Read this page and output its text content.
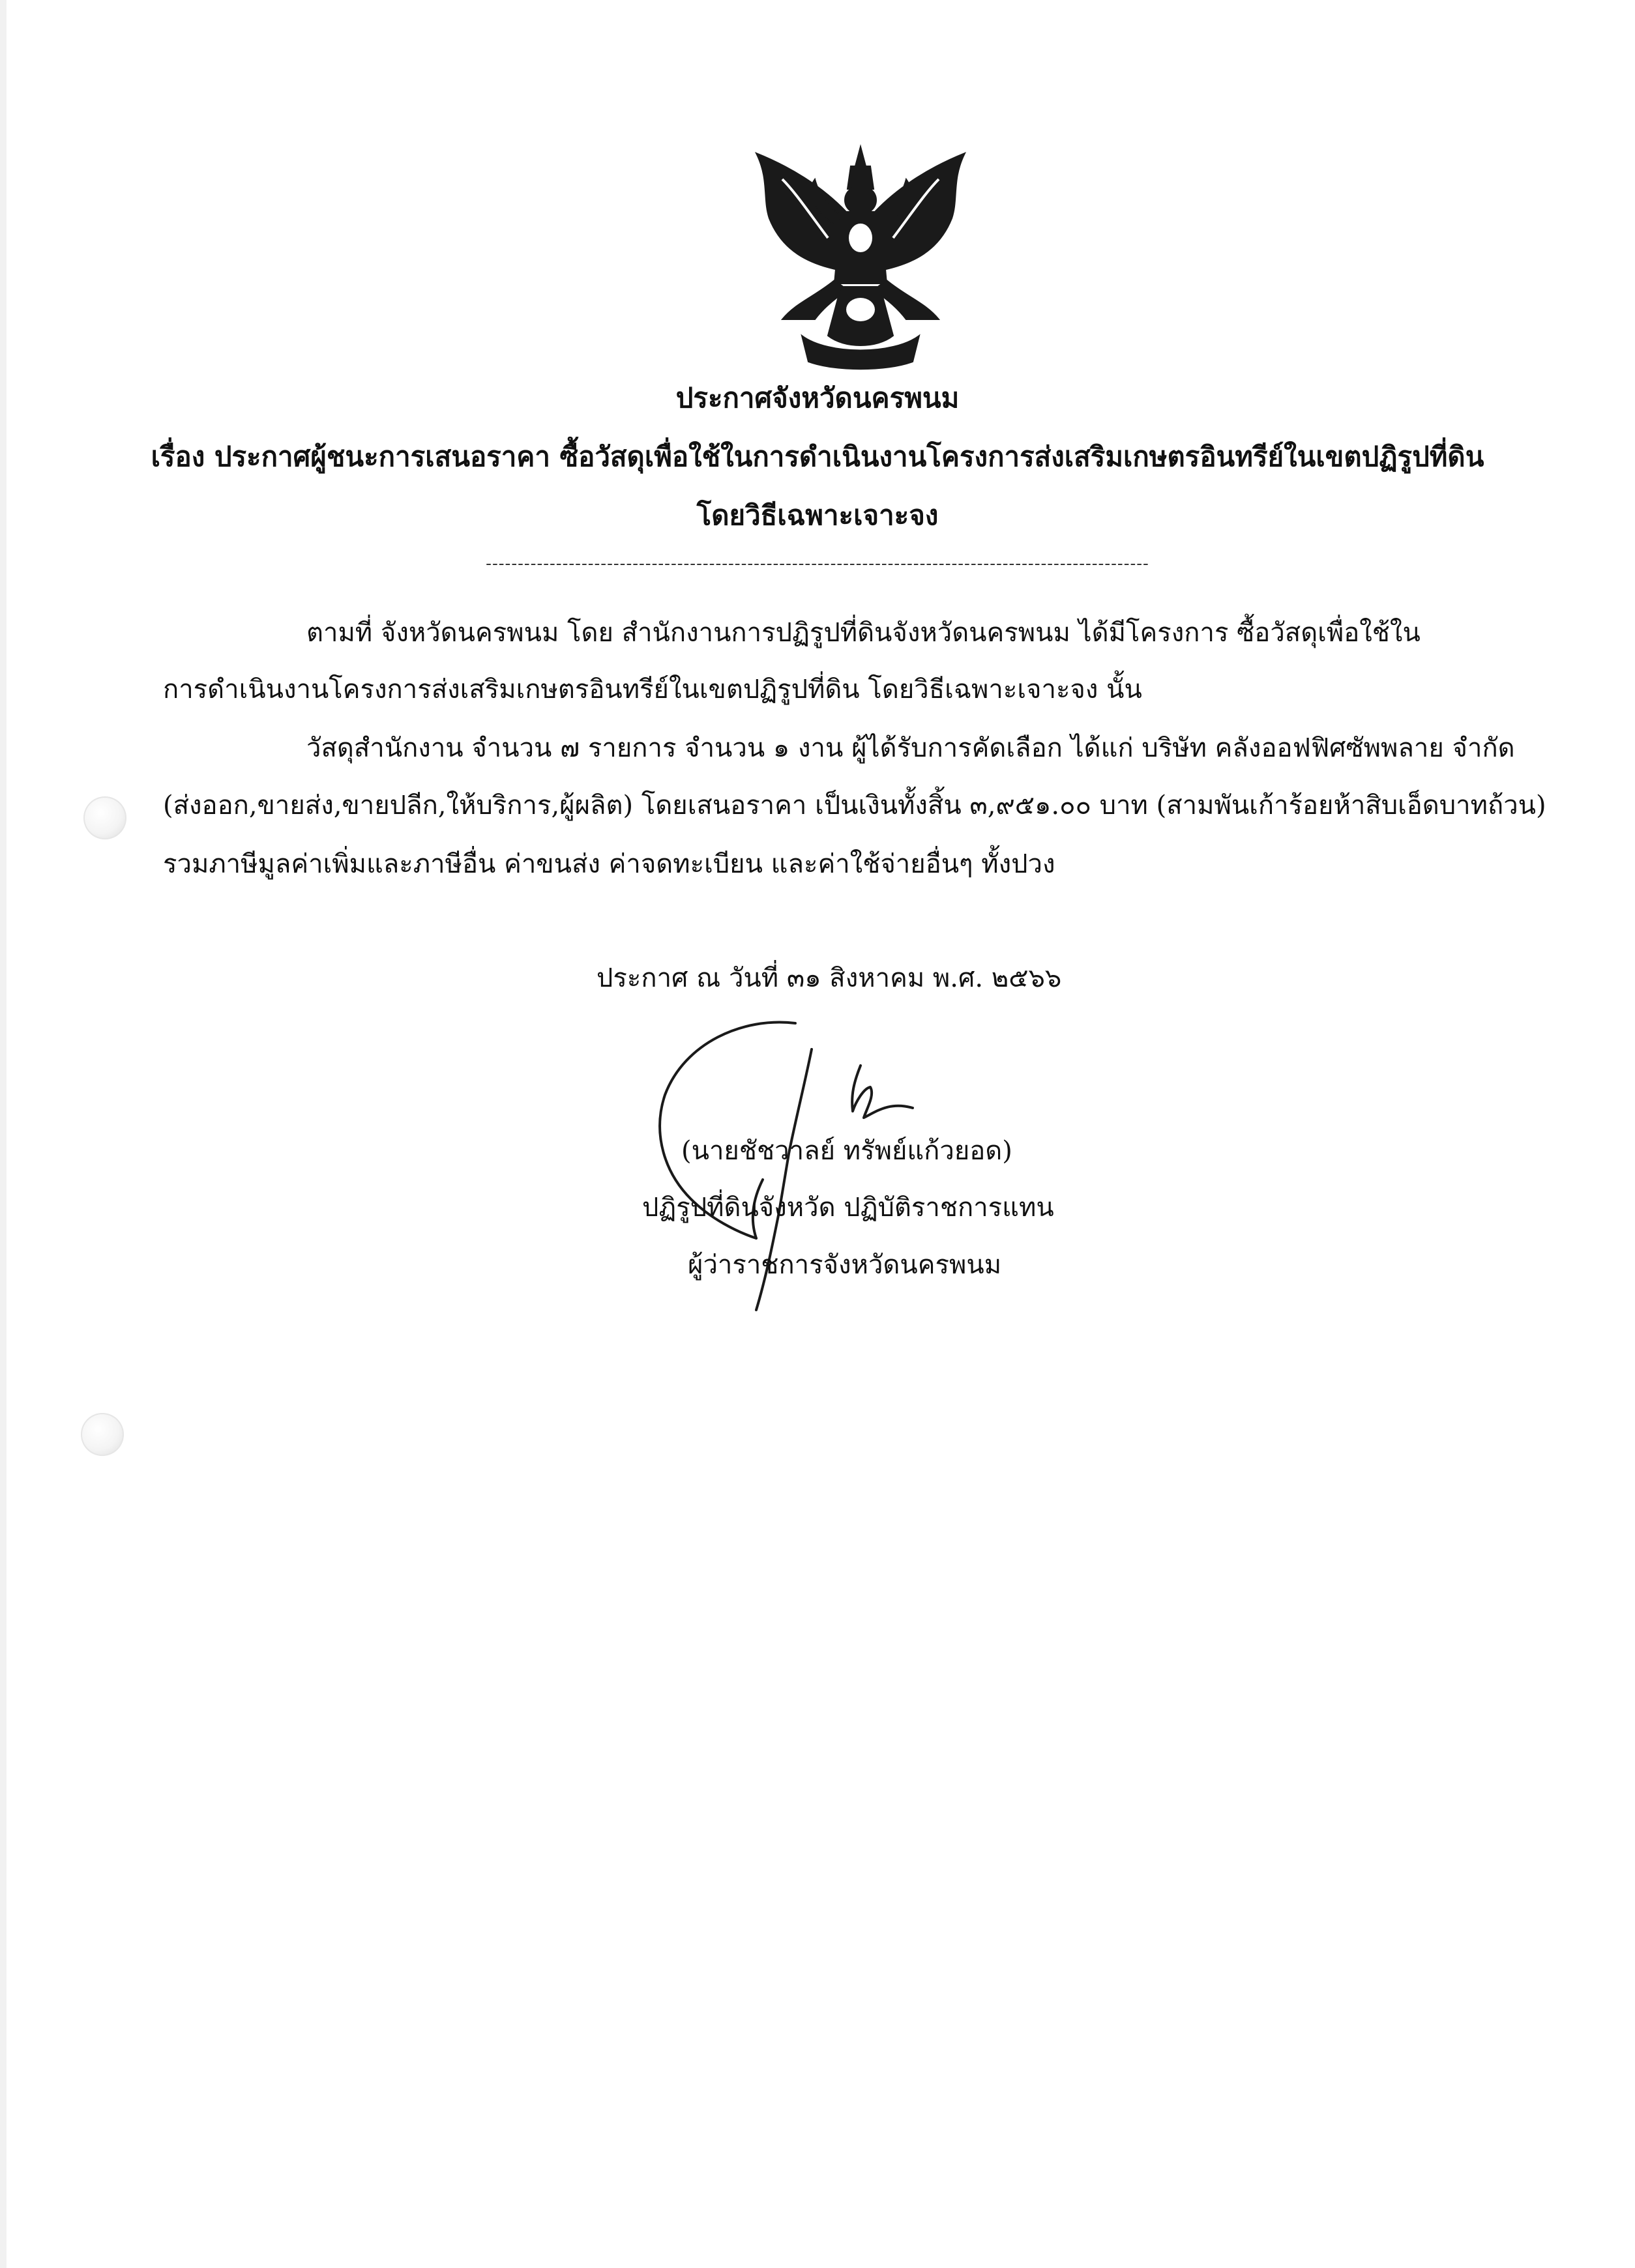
ประกาศจังหวัดนครพนม
เรื่อง ประกาศผู้ชนะการเสนอราคา ซื้อวัสดุเพื่อใช้ในการดำเนินงานโครงการส่งเสริมเกษตรอินทรีย์ในเขตปฏิรูปที่ดิน
โดยวิธีเฉพาะเจาะจง
--------------------------------------------------------------------------------------------------------
ตามที่ จังหวัดนครพนม โดย สำนักงานการปฏิรูปที่ดินจังหวัดนครพนม ได้มีโครงการ ซื้อวัสดุเพื่อใช้ใน
การดำเนินงานโครงการส่งเสริมเกษตรอินทรีย์ในเขตปฏิรูปที่ดิน โดยวิธีเฉพาะเจาะจง นั้น
วัสดุสำนักงาน จำนวน ๗ รายการ จำนวน ๑ งาน ผู้ได้รับการคัดเลือก ได้แก่ บริษัท คลังออฟฟิศซัพพลาย จำกัด
(ส่งออก,ขายส่ง,ขายปลีก,ให้บริการ,ผู้ผลิต) โดยเสนอราคา เป็นเงินทั้งสิ้น ๓,๙๕๑.๐๐ บาท (สามพันเก้าร้อยห้าสิบเอ็ดบาทถ้วน)
รวมภาษีมูลค่าเพิ่มและภาษีอื่น ค่าขนส่ง ค่าจดทะเบียน และค่าใช้จ่ายอื่นๆ ทั้งปวง
ประกาศ ณ วันที่ ๓๑ สิงหาคม พ.ศ. ๒๕๖๖
(นายชัชวาลย์ ทรัพย์แก้วยอด)
ปฏิรูปที่ดินจังหวัด ปฏิบัติราชการแทน
ผู้ว่าราชการจังหวัดนครพนม
